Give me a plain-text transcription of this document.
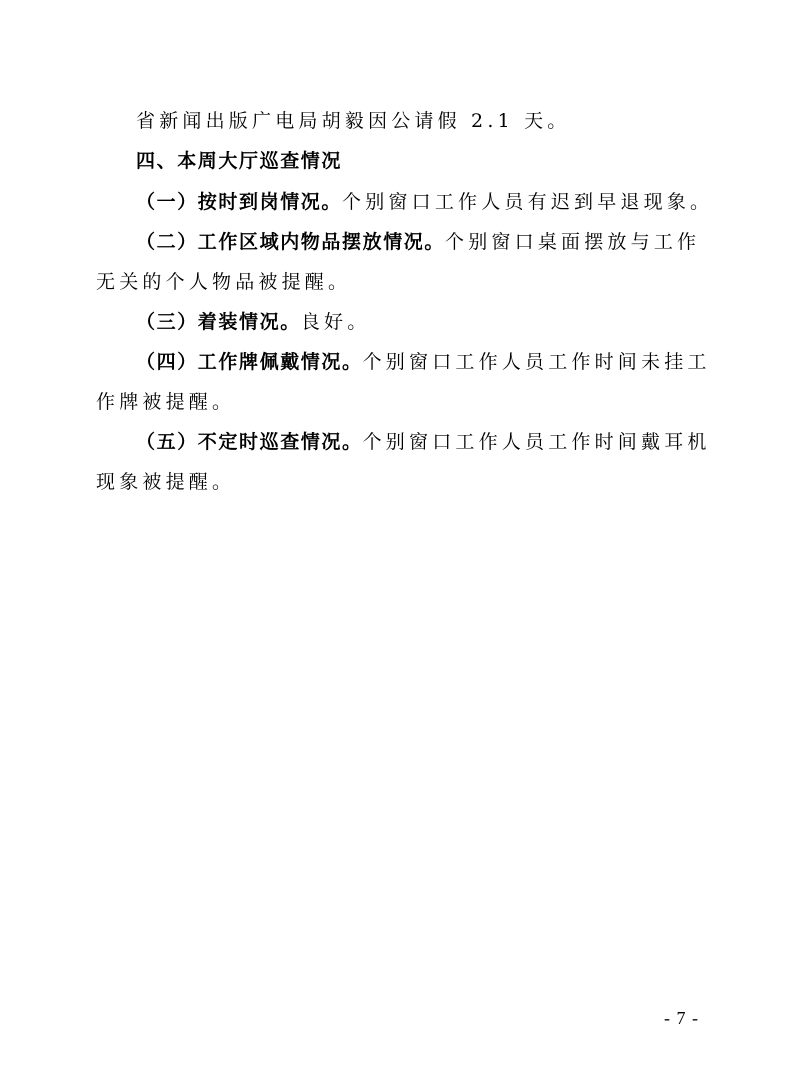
省新闻出版广电局胡毅因公请假 2.1 天。
四、本周大厅巡查情况
（一）按时到岗情况。个别窗口工作人员有迟到早退现象。
（二）工作区域内物品摆放情况。个别窗口桌面摆放与工作
无关的个人物品被提醒。
（三）着装情况。良好。
（四）工作牌佩戴情况。个别窗口工作人员工作时间未挂工
作牌被提醒。
（五）不定时巡查情况。个别窗口工作人员工作时间戴耳机
现象被提醒。
- 7 -
